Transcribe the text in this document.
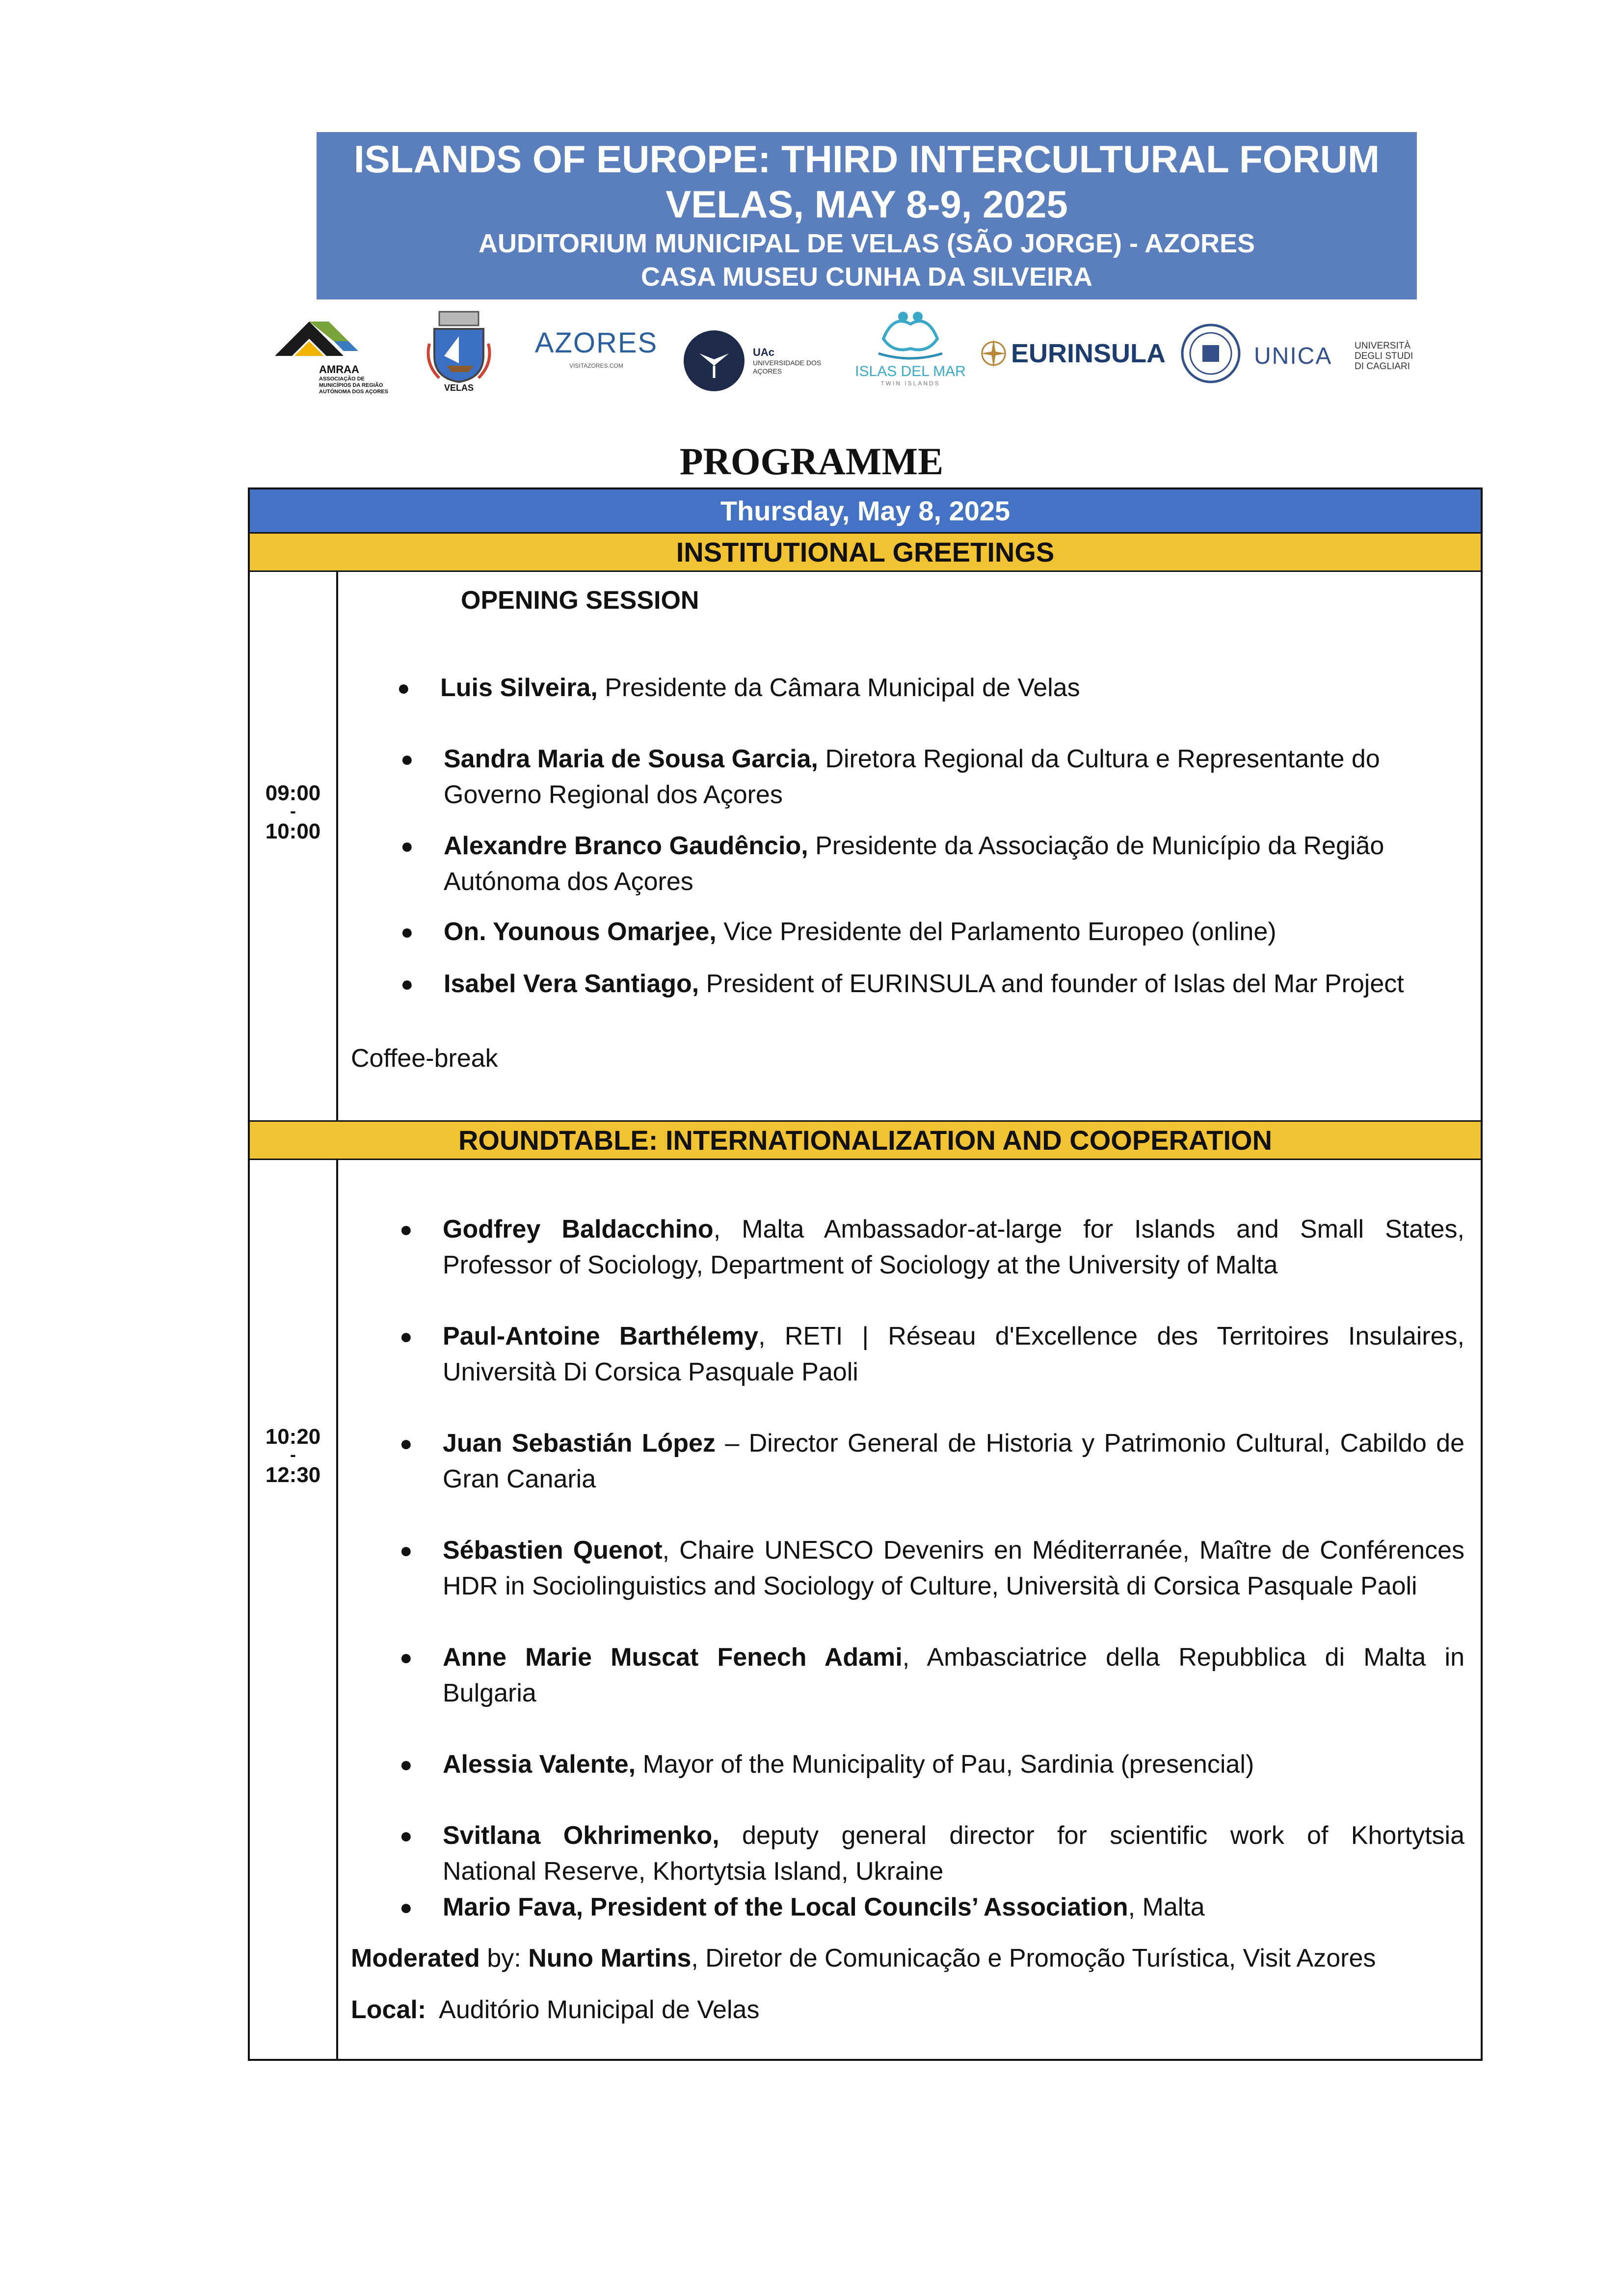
ISLANDS OF EUROPE: THIRD INTERCULTURAL FORUM
VELAS, MAY 8-9, 2025
AUDITORIUM MUNICIPAL DE VELAS (SÃO JORGE) - AZORES
CASA MUSEU CUNHA DA SILVEIRA
AMRAA
ASSOCIAÇÃO DE MUNICÍPIOS DA REGIÃO AUTÓNOMA DOS AÇORES	VELAS
AZORES
VISITAZORES.COM
UAc
UNIVERSIDADE DOS AÇORES	ISLAS DEL MAR
TWIN ISLANDS
EURINSULA	UNICA UNIVERSITÀ DEGLI STUDI DI CAGLIARI
PROGRAMME
Thursday, May 8, 2025
INSTITUTIONAL GREETINGS
09:00
-
10:00
OPENING SESSION
● Luis Silveira, Presidente da Câmara Municipal de Velas
● Sandra Maria de Sousa Garcia, Diretora Regional da Cultura e Representante do
Governo Regional dos Açores
● Alexandre Branco Gaudêncio, Presidente da Associação de Município da Região
Autónoma dos Açores
● On. Younous Omarjee, Vice Presidente del Parlamento Europeo (online)
● Isabel Vera Santiago, President of EURINSULA and founder of Islas del Mar Project
Coffee-break
ROUNDTABLE: INTERNATIONALIZATION AND COOPERATION
10:20
-
12:30
● Godfrey Baldacchino, Malta Ambassador-at-large for Islands and Small States,
Professor of Sociology, Department of Sociology at the University of Malta
● Paul-Antoine Barthélemy, RETI | Réseau d'Excellence des Territoires Insulaires,
Università Di Corsica Pasquale Paoli
● Juan Sebastián López – Director General de Historia y Patrimonio Cultural, Cabildo de
Gran Canaria
● Sébastien Quenot, Chaire UNESCO Devenirs en Méditerranée, Maître de Conférences
HDR in Sociolinguistics and Sociology of Culture, Università di Corsica Pasquale Paoli
● Anne Marie Muscat Fenech Adami, Ambasciatrice della Repubblica di Malta in
Bulgaria
● Alessia Valente, Mayor of the Municipality of Pau, Sardinia (presencial)
● Svitlana Okhrimenko, deputy general director for scientific work of Khortytsia
National Reserve, Khortytsia Island, Ukraine
● Mario Fava, President of the Local Councils’ Association, Malta
Moderated by: Nuno Martins, Diretor de Comunicação e Promoção Turística, Visit Azores
Local:  Auditório Municipal de Velas
